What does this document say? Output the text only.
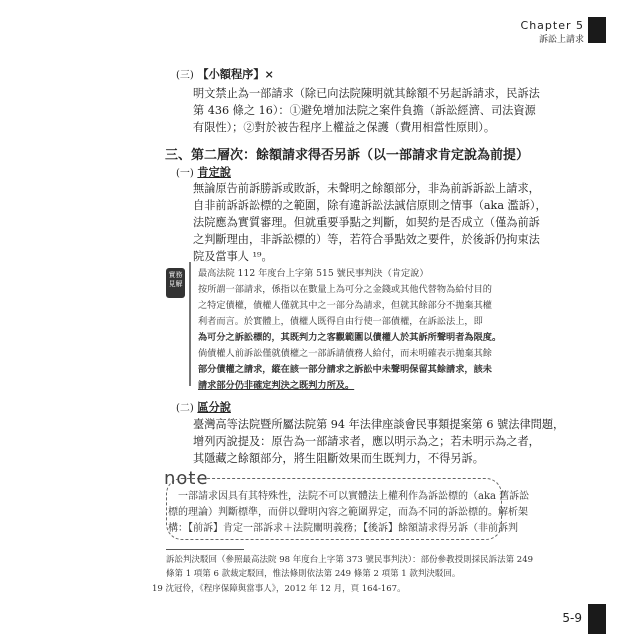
Chapter 5
訴訟上請求
(三) 【小額程序】×
明文禁止為一部請求（除已向法院陳明就其餘額不另起訴請求，民訴法
第 436 條之 16）：①避免增加法院之案件負擔（訴訟經濟、司法資源
有限性）；②對於被告程序上權益之保護（費用相當性原則）。
三、第二層次：餘額請求得否另訴（以一部請求肯定說為前提）
(一) 肯定說
無論原告前訴勝訴或敗訴，未聲明之餘額部分，非為前訴訴訟上請求，
自非前訴訴訟標的之範圍，除有違訴訟法誠信原則之情事（aka 濫訴），
法院應為實質審理。但就重要爭點之判斷，如契約是否成立（僅為前訴
之判斷理由，非訴訟標的）等，若符合爭點效之要件，於後訴仍拘束法
院及當事人 ¹⁹。
實務
見解
最高法院 112 年度台上字第 515 號民事判決（肯定說）
按所謂一部請求，係指以在數量上為可分之金錢或其他代替物為給付目的
之特定債權，債權人僅就其中之一部分為請求，但就其餘部分不拋棄其權
利者而言。於實體上，債權人既得自由行使一部債權，在訴訟法上，即
為可分之訴訟標的，其既判力之客觀範圍以債權人於其訴所聲明者為限度。
倘債權人前訴訟僅就債權之一部訴請債務人給付，而未明確表示拋棄其餘
部分債權之請求，縱在該一部分請求之訴訟中未聲明保留其餘請求，該未
請求部分仍非確定判決之既判力所及。
(二) 區分說
臺灣高等法院暨所屬法院第 94 年法律座談會民事類提案第 6 號法律問題，
增列丙說提及：原告為一部請求者，應以明示為之；若未明示為之者，
其隱藏之餘額部分，將生阻斷效果而生既判力，不得另訴。
note
一部請求因具有其特殊性，法院不可以實體法上權利作為訴訟標的（aka 舊訴訟
標的理論）判斷標準，而併以聲明內容之範圍界定，而為不同的訴訟標的。解析架
構：【前訴】肯定一部訴求＋法院闡明義務；【後訴】餘額請求得另訴（非前訴判
訴訟判決駁回（參照最高法院 98 年度台上字第 373 號民事判決）：部份參教授則採民訴法第 249
條第 1 項第 6 款裁定駁回，惟法條則依法第 249 條第 2 項第 1 款判決駁回。
19 沈冠伶，《程序保障與當事人》，2012 年 12 月，頁 164-167。
5-9
